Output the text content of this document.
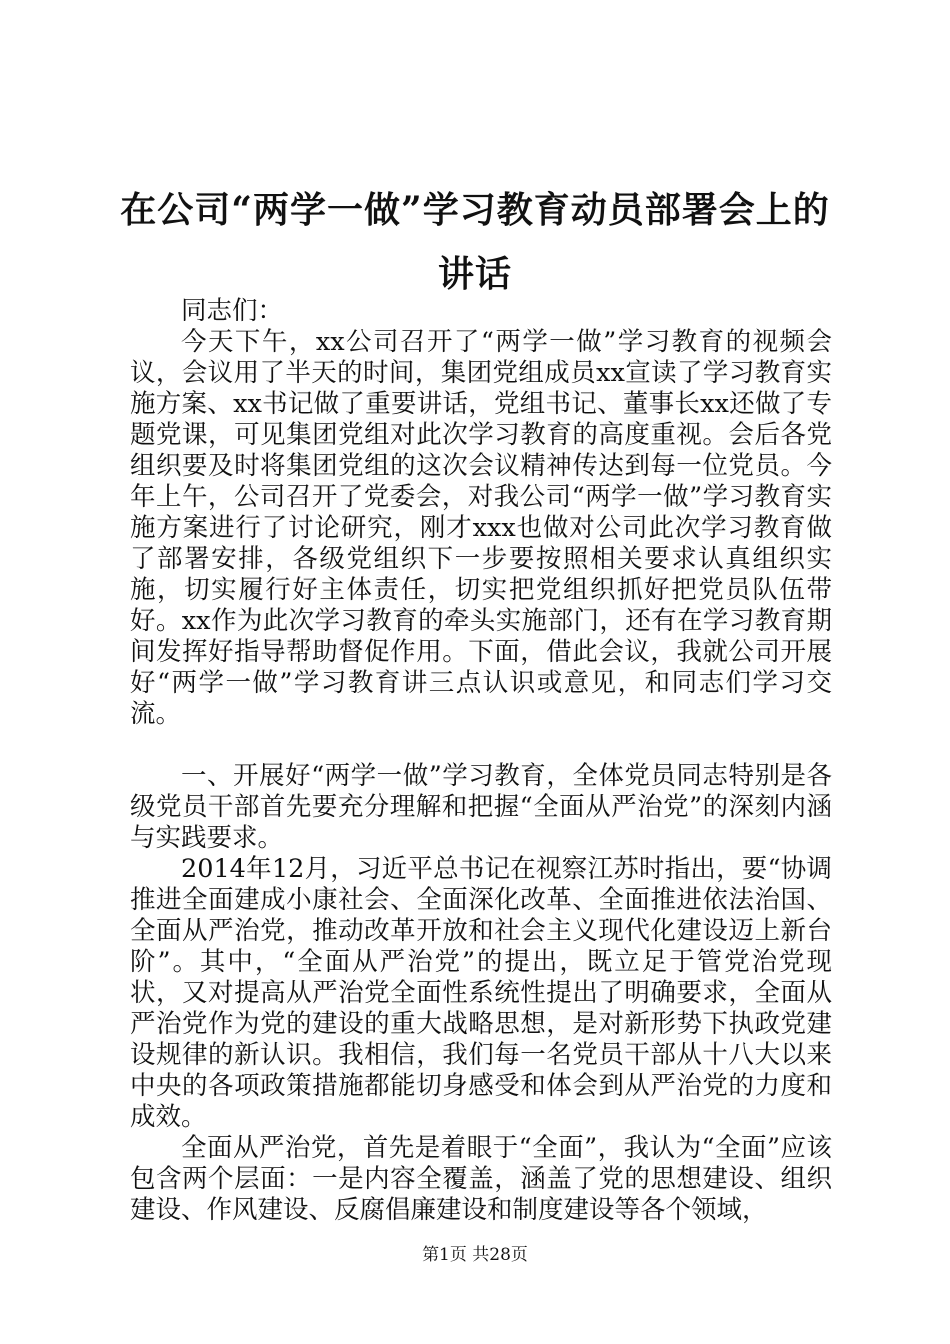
在公司“两学一做”学习教育动员部署会上的
讲话

同志们：

今天下午，xx公司召开了“两学一做”学习教育的视频会议，会议用了半天的时间，集团党组成员xx宣读了学习教育实施方案、xx书记做了重要讲话，党组书记、董事长xx还做了专题党课，可见集团党组对此次学习教育的高度重视。会后各党组织要及时将集团党组的这次会议精神传达到每一位党员。今年上午，公司召开了党委会，对我公司“两学一做”学习教育实施方案进行了讨论研究，刚才xxx也做对公司此次学习教育做了部署安排，各级党组织下一步要按照相关要求认真组织实施，切实履行好主体责任，切实把党组织抓好把党员队伍带好。xx作为此次学习教育的牵头实施部门，还有在学习教育期间发挥好指导帮助督促作用。下面，借此会议，我就公司开展好“两学一做”学习教育讲三点认识或意见，和同志们学习交流。

一、开展好“两学一做”学习教育，全体党员同志特别是各级党员干部首先要充分理解和把握“全面从严治党”的深刻内涵与实践要求。

2014年12月，习近平总书记在视察江苏时指出，要“协调推进全面建成小康社会、全面深化改革、全面推进依法治国、全面从严治党，推动改革开放和社会主义现代化建设迈上新台阶”。其中，“全面从严治党”的提出，既立足于管党治党现状，又对提高从严治党全面性系统性提出了明确要求，全面从严治党作为党的建设的重大战略思想，是对新形势下执政党建设规律的新认识。我相信，我们每一名党员干部从十八大以来中央的各项政策措施都能切身感受和体会到从严治党的力度和成效。

全面从严治党，首先是着眼于“全面”，我认为“全面”应该包含两个层面：一是内容全覆盖，涵盖了党的思想建设、组织建设、作风建设、反腐倡廉建设和制度建设等各个领域，

第1页 共28页
